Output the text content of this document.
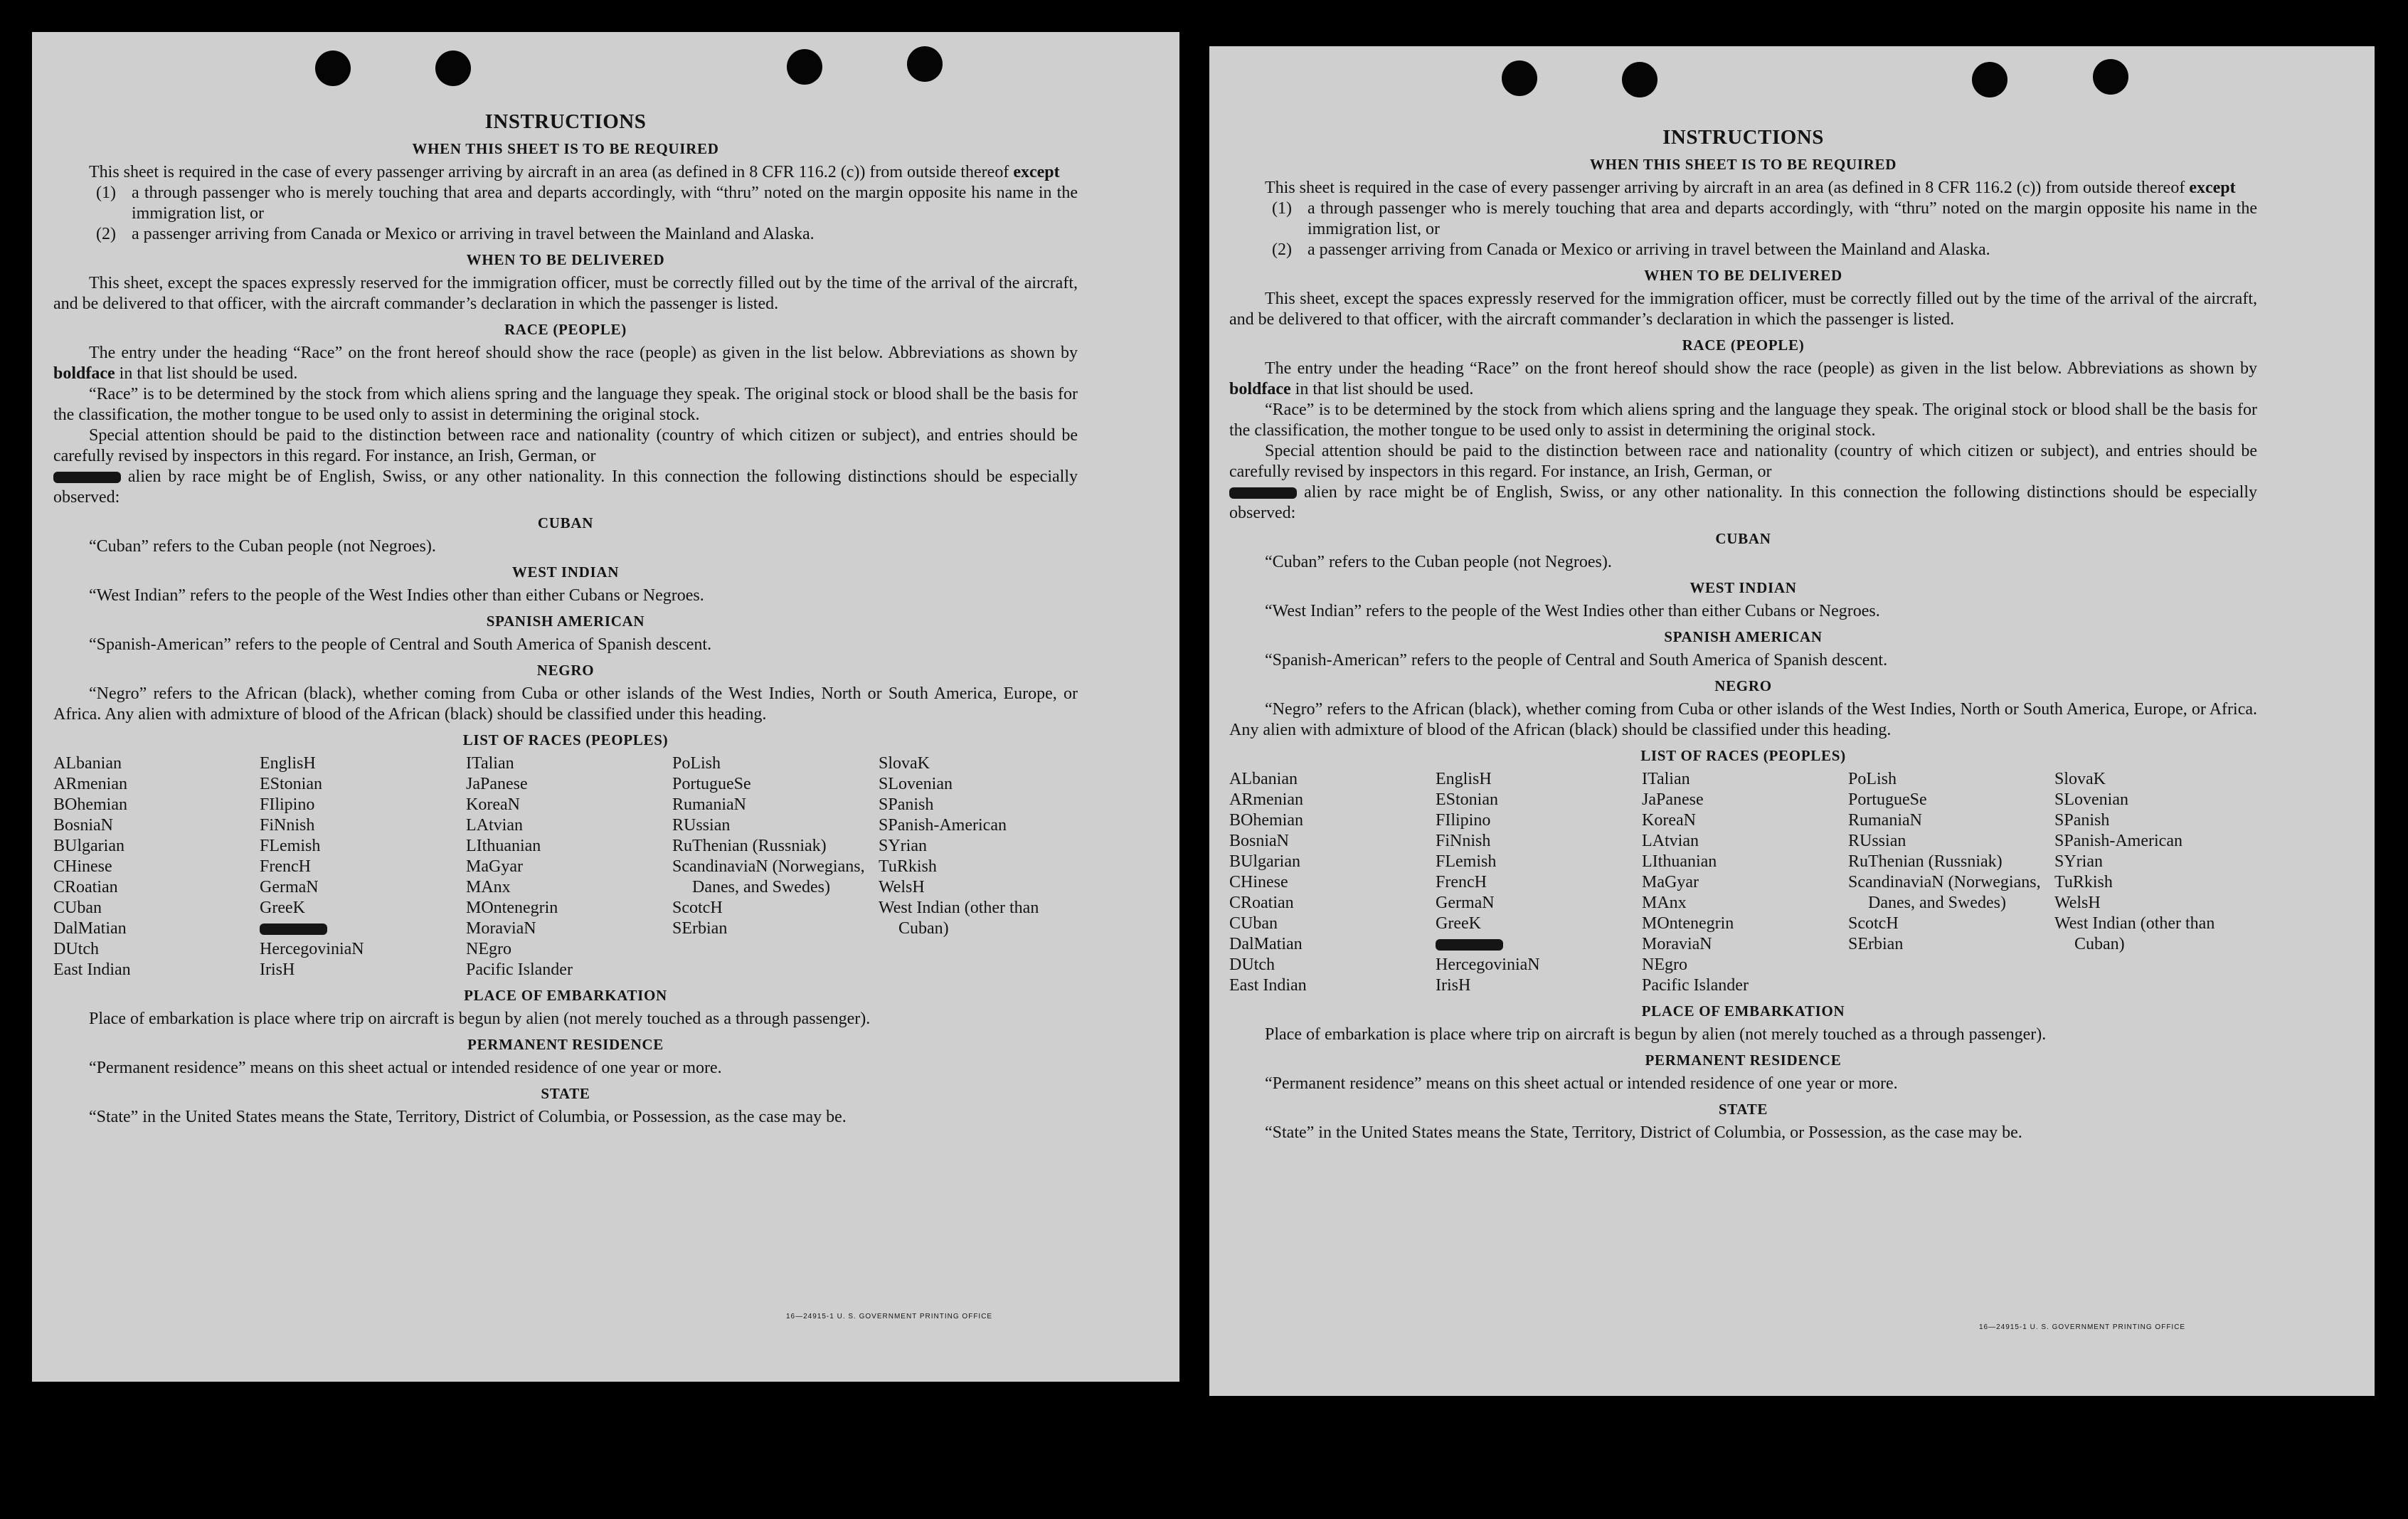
INSTRUCTIONS
WHEN THIS SHEET IS TO BE REQUIRED

This sheet is required in the case of every passenger arriving by aircraft in an area (as defined in 8 CFR 116.2 (c)) from outside thereof except

(1) a through passenger who is merely touching that area and departs accordingly, with “thru” noted on the margin opposite his name in the immigration list, or
(2) a passenger arriving from Canada or Mexico or arriving in travel between the Mainland and Alaska.
WHEN TO BE DELIVERED

This sheet, except the spaces expressly reserved for the immigration officer, must be correctly filled out by the time of the arrival of the aircraft, and be delivered to that officer, with the aircraft commander’s declaration in which the passenger is listed.

RACE (PEOPLE)

The entry under the heading “Race” on the front hereof should show the race (people) as given in the list below. Abbreviations as shown by boldface in that list should be used.

“Race” is to be determined by the stock from which aliens spring and the language they speak. The original stock or blood shall be the basis for the classification, the mother tongue to be used only to assist in determining the original stock.

Special attention should be paid to the distinction between race and nationality (country of which citizen or subject), and entries should be carefully revised by inspectors in this regard. For instance, an Irish, German, or
alien by race might be of English, Swiss, or any other nationality. In this connection the following distinctions should be especially observed:

CUBAN

“Cuban” refers to the Cuban people (not Negroes).

WEST INDIAN

“West Indian” refers to the people of the West Indies other than either Cubans or Negroes.

SPANISH AMERICAN

“Spanish-American” refers to the people of Central and South America of Spanish descent.

NEGRO

“Negro” refers to the African (black), whether coming from Cuba or other islands of the West Indies, North or South America, Europe, or Africa. Any alien with admixture of blood of the African (black) should be classified under this heading.

LIST OF RACES (PEOPLES)
ALbanian
ARmenian
BOhemian
BosniaN
BUlgarian
CHinese
CRoatian
CUban
DalMatian
DUtch
East Indian
EnglisH
EStonian
FIlipino
FiNnish
FLemish
FrencH
GermaN
GreeK
HercegoviniaN
IrisH
ITalian
JaPanese
KoreaN
LAtvian
LIthuanian
MaGyar
MAnx
MOntenegrin
MoraviaN
NEgro
Pacific Islander
PoLish
PortugueSe
RumaniaN
RUssian
RuThenian (Russniak)
ScandinaviaN (Norwegians, Danes, and Swedes)
ScotcH
SErbian
SlovaK
SLovenian
SPanish
SPanish-American
SYrian
TuRkish
WelsH
West Indian (other than Cuban)
PLACE OF EMBARKATION

Place of embarkation is place where trip on aircraft is begun by alien (not merely touched as a through passenger).

PERMANENT RESIDENCE

“Permanent residence” means on this sheet actual or intended residence of one year or more.

STATE

“State” in the United States means the State, Territory, District of Columbia, or Possession, as the case may be.

16—24915-1 U. S. GOVERNMENT PRINTING OFFICE
INSTRUCTIONS
WHEN THIS SHEET IS TO BE REQUIRED

This sheet is required in the case of every passenger arriving by aircraft in an area (as defined in 8 CFR 116.2 (c)) from outside thereof except

(1) a through passenger who is merely touching that area and departs accordingly, with “thru” noted on the margin opposite his name in the immigration list, or
(2) a passenger arriving from Canada or Mexico or arriving in travel between the Mainland and Alaska.
WHEN TO BE DELIVERED

This sheet, except the spaces expressly reserved for the immigration officer, must be correctly filled out by the time of the arrival of the aircraft, and be delivered to that officer, with the aircraft commander’s declaration in which the passenger is listed.

RACE (PEOPLE)

The entry under the heading “Race” on the front hereof should show the race (people) as given in the list below. Abbreviations as shown by boldface in that list should be used.

“Race” is to be determined by the stock from which aliens spring and the language they speak. The original stock or blood shall be the basis for the classification, the mother tongue to be used only to assist in determining the original stock.

Special attention should be paid to the distinction between race and nationality (country of which citizen or subject), and entries should be carefully revised by inspectors in this regard. For instance, an Irish, German, or
alien by race might be of English, Swiss, or any other nationality. In this connection the following distinctions should be especially observed:

CUBAN

“Cuban” refers to the Cuban people (not Negroes).

WEST INDIAN

“West Indian” refers to the people of the West Indies other than either Cubans or Negroes.

SPANISH AMERICAN

“Spanish-American” refers to the people of Central and South America of Spanish descent.

NEGRO

“Negro” refers to the African (black), whether coming from Cuba or other islands of the West Indies, North or South America, Europe, or Africa. Any alien with admixture of blood of the African (black) should be classified under this heading.

LIST OF RACES (PEOPLES)
ALbanian
ARmenian
BOhemian
BosniaN
BUlgarian
CHinese
CRoatian
CUban
DalMatian
DUtch
East Indian
EnglisH
EStonian
FIlipino
FiNnish
FLemish
FrencH
GermaN
GreeK
HercegoviniaN
IrisH
ITalian
JaPanese
KoreaN
LAtvian
LIthuanian
MaGyar
MAnx
MOntenegrin
MoraviaN
NEgro
Pacific Islander
PoLish
PortugueSe
RumaniaN
RUssian
RuThenian (Russniak)
ScandinaviaN (Norwegians, Danes, and Swedes)
ScotcH
SErbian
SlovaK
SLovenian
SPanish
SPanish-American
SYrian
TuRkish
WelsH
West Indian (other than Cuban)
PLACE OF EMBARKATION

Place of embarkation is place where trip on aircraft is begun by alien (not merely touched as a through passenger).

PERMANENT RESIDENCE

“Permanent residence” means on this sheet actual or intended residence of one year or more.

STATE

“State” in the United States means the State, Territory, District of Columbia, or Possession, as the case may be.

16—24915-1 U. S. GOVERNMENT PRINTING OFFICE
